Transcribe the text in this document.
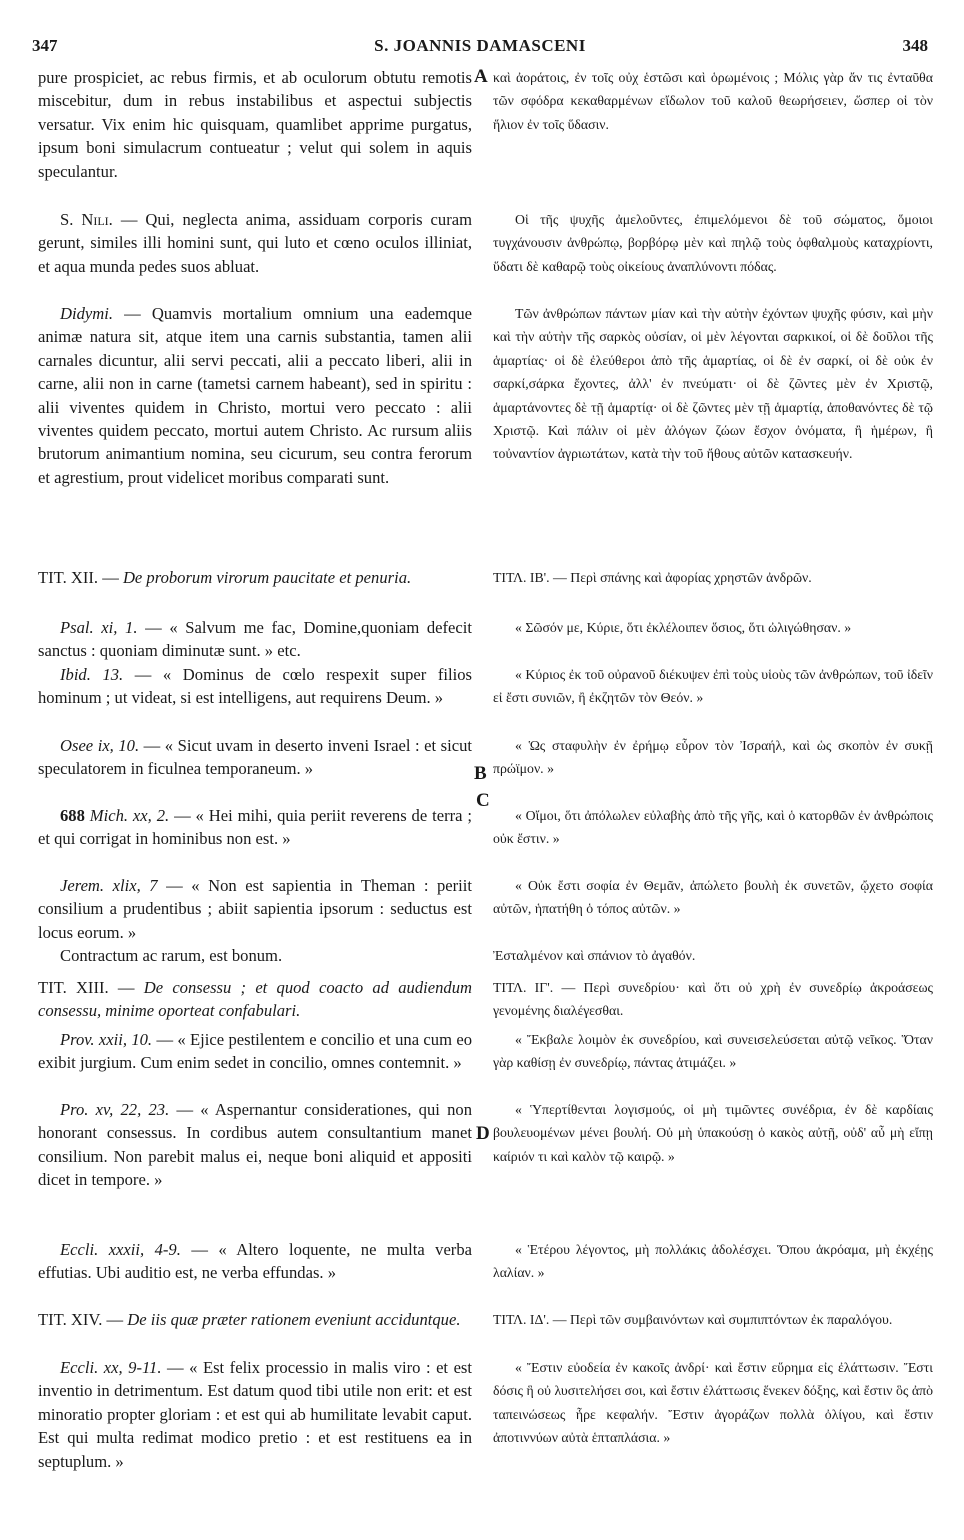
347	S. JOANNIS DAMASCENI	348
A
B
C
D

pure prospiciet, ac rebus firmis, et ab oculorum obtutu remotis miscebitur, dum in rebus instabilibus et aspectui subjectis versatur. Vix enim hic quisquam, quamlibet apprime purgatus, ipsum boni simulacrum contueatur ; velut qui solem in aquis speculantur.

S. Nili. — Qui, neglecta anima, assiduam corporis curam gerunt, similes illi homini sunt, qui luto et cœno oculos illiniat, et aqua munda pedes suos abluat.

Didymi. — Quamvis mortalium omnium una eademque animæ natura sit, atque item una carnis substantia, tamen alii carnales dicuntur, alii servi peccati, alii a peccato liberi, alii in carne, alii non in carne (tametsi carnem habeant), sed in spiritu : alii viventes quidem in Christo, mortui vero peccato : alii viventes quidem peccato, mortui autem Christo. Ac rursum aliis brutorum animantium nomina, seu cicurum, seu contra ferorum et agrestium, prout videlicet moribus comparati sunt.

TIT. XII. — De proborum virorum paucitate et penuria.

Psal. xi, 1. — « Salvum me fac, Domine,quoniam defecit sanctus : quoniam diminutæ sunt. » etc.

Ibid. 13. — « Dominus de cœlo respexit super filios hominum ; ut videat, si est intelligens, aut requirens Deum. »

Osee ix, 10. — « Sicut uvam in deserto inveni Israel : et sicut speculatorem in ficulnea temporaneum. »

688 Mich. xx, 2. — « Hei mihi, quia periit reverens de terra ; et qui corrigat in hominibus non est. »

Jerem. xlix, 7 — « Non est sapientia in Theman : periit consilium a prudentibus ; abiit sapientia ipsorum : seductus est locus eorum. »

Contractum ac rarum, est bonum.

TIT. XIII. — De consessu ; et quod coacto ad audiendum consessu, minime oporteat confabulari.

Prov. xxii, 10. — « Ejice pestilentem e concilio et una cum eo exibit jurgium. Cum enim sedet in concilio, omnes contemnit. »

Pro. xv, 22, 23. — « Aspernantur considerationes, qui non honorant consessus. In cordibus autem consultantium manet consilium. Non parebit malus ei, neque boni aliquid et appositi dicet in tempore. »

Eccli. xxxii, 4-9. — « Altero loquente, ne multa verba effutias. Ubi auditio est, ne verba effundas. »

TIT. XIV. — De iis quæ præter rationem eveniunt acciduntque.

Eccli. xx, 9-11. — « Est felix processio in malis viro : et est inventio in detrimentum. Est datum quod tibi utile non erit: et est minoratio propter gloriam : et est qui ab humilitate levabit caput. Est qui multa redimat modico pretio : et est restituens ea in septuplum. »

καὶ ἀοράτοις, ἐν τοῖς οὐχ ἑστῶσι καὶ ὁρωμένοις ; Μόλις γὰρ ἄν τις ἐνταῦθα τῶν σφόδρα κεκαθαρμένων εἴδωλον τοῦ καλοῦ θεωρήσειεν, ὥσπερ οἱ τὸν ἥλιον ἐν τοῖς ὕδασιν.

Οἱ τῆς ψυχῆς ἀμελοῦντες, ἐπιμελόμενοι δὲ τοῦ σώματος, ὅμοιοι τυγχάνουσιν ἀνθρώπῳ, βορβόρῳ μὲν καὶ πηλῷ τοὺς ὀφθαλμοὺς καταχρίοντι, ὕδατι δὲ καθαρῷ τοὺς οἰκείους ἀναπλύνοντι πόδας.

Τῶν ἀνθρώπων πάντων μίαν καὶ τὴν αὐτὴν ἐχόντων ψυχῆς φύσιν, καὶ μὴν καὶ τὴν αὐτὴν τῆς σαρκὸς οὐσίαν, οἱ μὲν λέγονται σαρκικοί, οἱ δὲ δοῦλοι τῆς ἁμαρτίας· οἱ δὲ ἐλεύθεροι ἀπὸ τῆς ἁμαρτίας, οἱ δὲ ἐν σαρκί, οἱ δὲ οὐκ ἐν σαρκί,σάρκα ἔχοντες, ἀλλ' ἐν πνεύματι· οἱ δὲ ζῶντες μὲν ἐν Χριστῷ, ἁμαρτάνοντες δὲ τῇ ἁμαρτίᾳ· οἱ δὲ ζῶντες μὲν τῇ ἁμαρτίᾳ, ἀποθανόντες δὲ τῷ Χριστῷ. Καὶ πάλιν οἱ μὲν ἀλόγων ζώων ἔσχον ὀνόματα, ἢ ἡμέρων, ἢ τοὐναντίον ἀγριωτάτων, κατὰ τὴν τοῦ ἤθους αὐτῶν κατασκευήν.

ΤΙΤΛ. ΙΒ'. — Περὶ σπάνης καὶ ἀφορίας χρηστῶν ἀνδρῶν.

« Σῶσόν με, Κύριε, ὅτι ἐκλέλοιπεν ὅσιος, ὅτι ὠλιγώθησαν. »

« Κύριος ἐκ τοῦ οὐρανοῦ διέκυψεν ἐπὶ τοὺς υἱοὺς τῶν ἀνθρώπων, τοῦ ἰδεῖν εἰ ἔστι συνιῶν, ἢ ἐκζητῶν τὸν Θεόν. »

« Ὡς σταφυλὴν ἐν ἐρήμῳ εὗρον τὸν Ἰσραήλ, καὶ ὡς σκοπὸν ἐν συκῇ πρώϊμον. »

« Οἴμοι, ὅτι ἀπόλωλεν εὐλαβὴς ἀπὸ τῆς γῆς, καὶ ὁ κατορθῶν ἐν ἀνθρώποις οὐκ ἔστιν. »

« Οὐκ ἔστι σοφία ἐν Θεμᾶν, ἀπώλετο βουλὴ ἐκ συνετῶν, ᾤχετο σοφία αὐτῶν, ἡπατήθη ὁ τόπος αὐτῶν. »

Ἐσταλμένον καὶ σπάνιον τὸ ἀγαθόν.

ΤΙΤΛ. ΙΓ'. — Περὶ συνεδρίου· καὶ ὅτι οὐ χρὴ ἐν συνεδρίῳ ἀκροάσεως γενομένης διαλέγεσθαι.

« Ἔκβαλε λοιμὸν ἐκ συνεδρίου, καὶ συνεισελεύσεται αὐτῷ νεῖκος. Ὅταν γὰρ καθίσῃ ἐν συνεδρίῳ, πάντας ἀτιμάζει. »

« Ὑπερτίθενται λογισμούς, οἱ μὴ τιμῶντες συνέδρια, ἐν δὲ καρδίαις βουλευομένων μένει βουλή. Οὐ μὴ ὑπακούσῃ ὁ κακὸς αὐτῇ, οὐδ' αὖ μὴ εἴπῃ καίριόν τι καὶ καλὸν τῷ καιρῷ. »

« Ἑτέρου λέγοντος, μὴ πολλάκις ἀδολέσχει. Ὅπου ἀκρόαμα, μὴ ἐκχέῃς λαλίαν. »

ΤΙΤΛ. ΙΔ'. — Περὶ τῶν συμβαινόντων καὶ συμπιπτόντων ἐκ παραλόγου.

« Ἔστιν εὐοδεία ἐν κακοῖς ἀνδρί· καὶ ἔστιν εὕρημα εἰς ἐλάττωσιν. Ἔστι δόσις ἣ οὐ λυσιτελήσει σοι, καὶ ἔστιν ἐλάττωσις ἕνεκεν δόξης, καὶ ἔστιν ὃς ἀπὸ ταπεινώσεως ἦρε κεφαλήν. Ἔστιν ἀγοράζων πολλὰ ὀλίγου, καὶ ἔστιν ἀποτιννύων αὐτὰ ἑπταπλάσια. »
